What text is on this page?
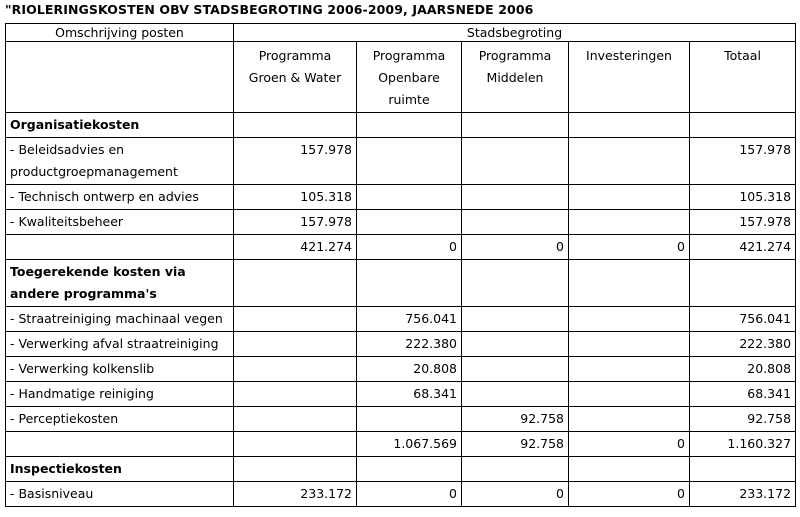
"RIOLERINGSKOSTEN OBV STADSBEGROTING 2006-2009, JAARSNEDE 2006
Omschrijving posten	Stadsbegroting				
	Programma Groen & Water	Programma Openbare ruimte	Programma Middelen	Investeringen	Totaal
Organisatiekosten					
- Beleidsadvies en productgroepmanagement	157.978				157.978
- Technisch ontwerp en advies	105.318				105.318
- Kwaliteitsbeheer	157.978				157.978
	421.274	0	0	0	421.274
Toegerekende kosten via andere programma's					
- Straatreiniging machinaal vegen		756.041			756.041
- Verwerking afval straatreiniging		222.380			222.380
- Verwerking kolkenslib		20.808			20.808
- Handmatige reiniging		68.341			68.341
- Perceptiekosten			92.758		92.758
		1.067.569	92.758	0	1.160.327
Inspectiekosten					
- Basisniveau	233.172	0	0	0	233.172
